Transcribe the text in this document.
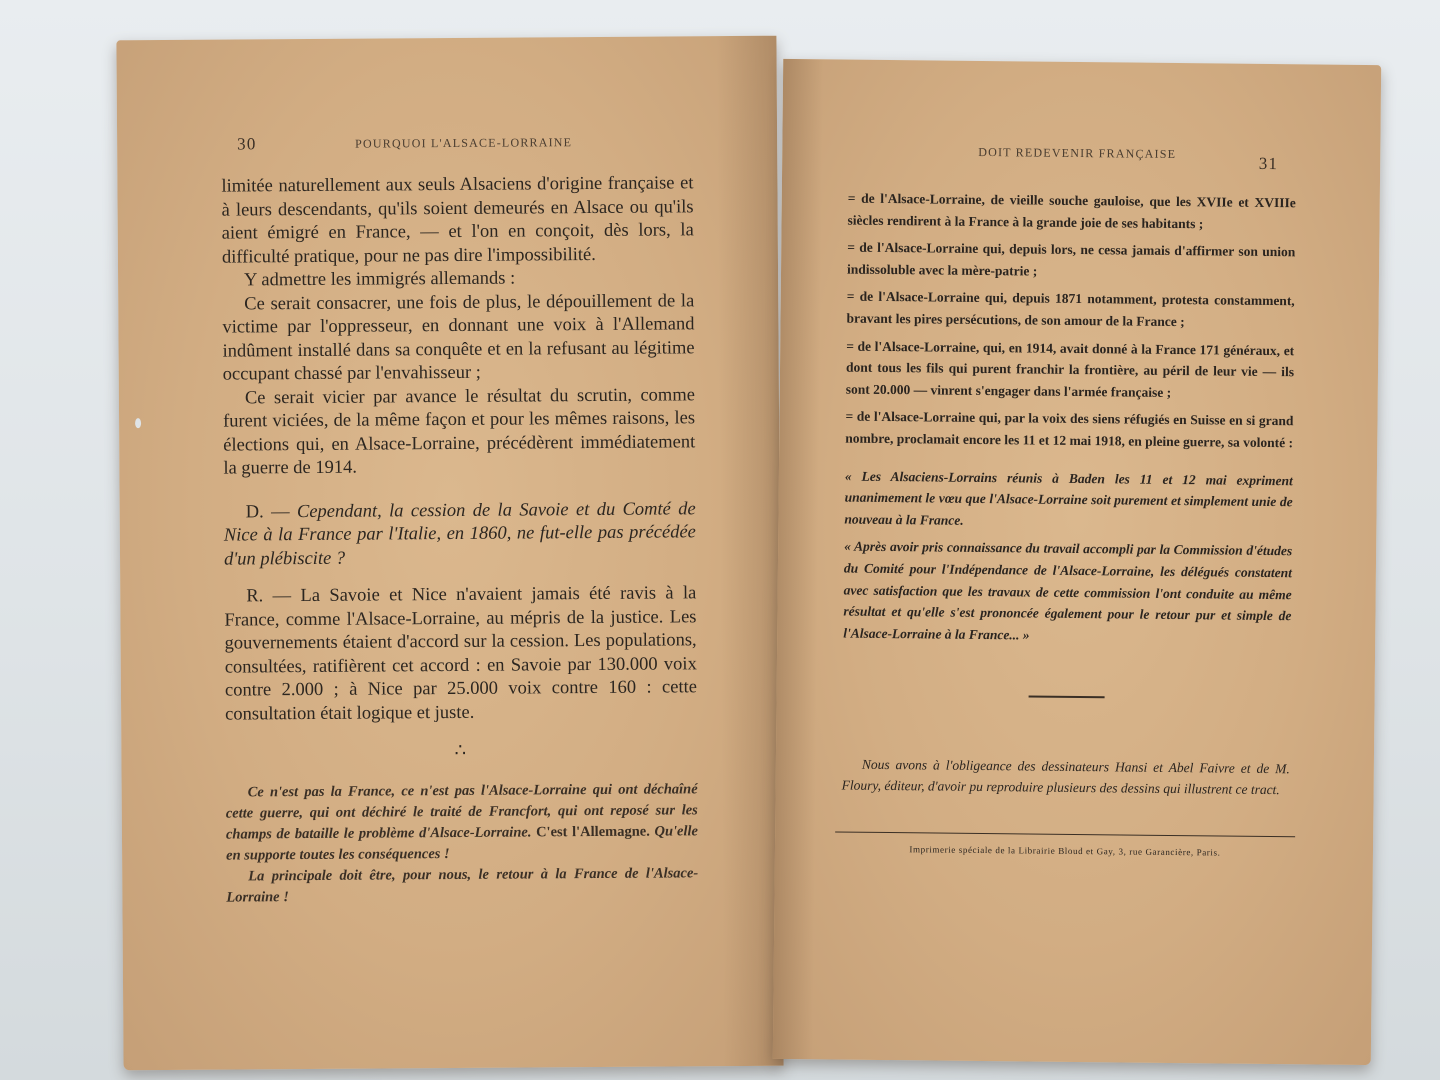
30	POURQUOI L'ALSACE-LORRAINE

limitée naturellement aux seuls Alsaciens d'origine française et à leurs descendants, qu'ils soient demeurés en Alsace ou qu'ils aient émigré en France, — et l'on en conçoit, dès lors, la difficulté pratique, pour ne pas dire l'impossibilité.

Y admettre les immigrés allemands :

Ce serait consacrer, une fois de plus, le dépouillement de la victime par l'oppresseur, en donnant une voix à l'Allemand indûment installé dans sa conquête et en la refusant au légitime occupant chassé par l'envahisseur ;

Ce serait vicier par avance le résultat du scrutin, comme furent viciées, de la même façon et pour les mêmes raisons, les élections qui, en Alsace-Lorraine, précédèrent immédiatement la guerre de 1914.

D. — Cependant, la cession de la Savoie et du Comté de Nice à la France par l'Italie, en 1860, ne fut-elle pas précédée d'un plébiscite ?

R. — La Savoie et Nice n'avaient jamais été ravis à la France, comme l'Alsace-Lorraine, au mépris de la justice. Les gouvernements étaient d'accord sur la cession. Les populations, consultées, ratifièrent cet accord : en Savoie par 130.000 voix contre 2.000 ; à Nice par 25.000 voix contre 160 : cette consultation était logique et juste.

∴

Ce n'est pas la France, ce n'est pas l'Alsace-Lorraine qui ont déchaîné cette guerre, qui ont déchiré le traité de Francfort, qui ont reposé sur les champs de bataille le problème d'Alsace-Lorraine. C'est l'Allemagne. Qu'elle en supporte toutes les conséquences !

La principale doit être, pour nous, le retour à la France de l'Alsace-Lorraine !

DOIT REDEVENIR FRANÇAISE
31

= de l'Alsace-Lorraine, de vieille souche gauloise, que les XVIIe et XVIIIe siècles rendirent à la France à la grande joie de ses habitants ;

= de l'Alsace-Lorraine qui, depuis lors, ne cessa jamais d'affirmer son union indissoluble avec la mère-patrie ;

= de l'Alsace-Lorraine qui, depuis 1871 notamment, protesta constamment, bravant les pires persécutions, de son amour de la France ;

= de l'Alsace-Lorraine, qui, en 1914, avait donné à la France 171 généraux, et dont tous les fils qui purent franchir la frontière, au péril de leur vie — ils sont 20.000 — vinrent s'engager dans l'armée française ;

= de l'Alsace-Lorraine qui, par la voix des siens réfugiés en Suisse en si grand nombre, proclamait encore les 11 et 12 mai 1918, en pleine guerre, sa volonté :

« Les Alsaciens-Lorrains réunis à Baden les 11 et 12 mai expriment unanimement le vœu que l'Alsace-Lorraine soit purement et simplement unie de nouveau à la France.

« Après avoir pris connaissance du travail accompli par la Commission d'études du Comité pour l'Indépendance de l'Alsace-Lorraine, les délégués constatent avec satisfaction que les travaux de cette commission l'ont conduite au même résultat et qu'elle s'est prononcée également pour le retour pur et simple de l'Alsace-Lorraine à la France... »

Nous avons à l'obligeance des dessinateurs Hansi et Abel Faivre et de M. Floury, éditeur, d'avoir pu reproduire plusieurs des dessins qui illustrent ce tract.

Imprimerie spéciale de la Librairie Bloud et Gay, 3, rue Garancière, Paris.
